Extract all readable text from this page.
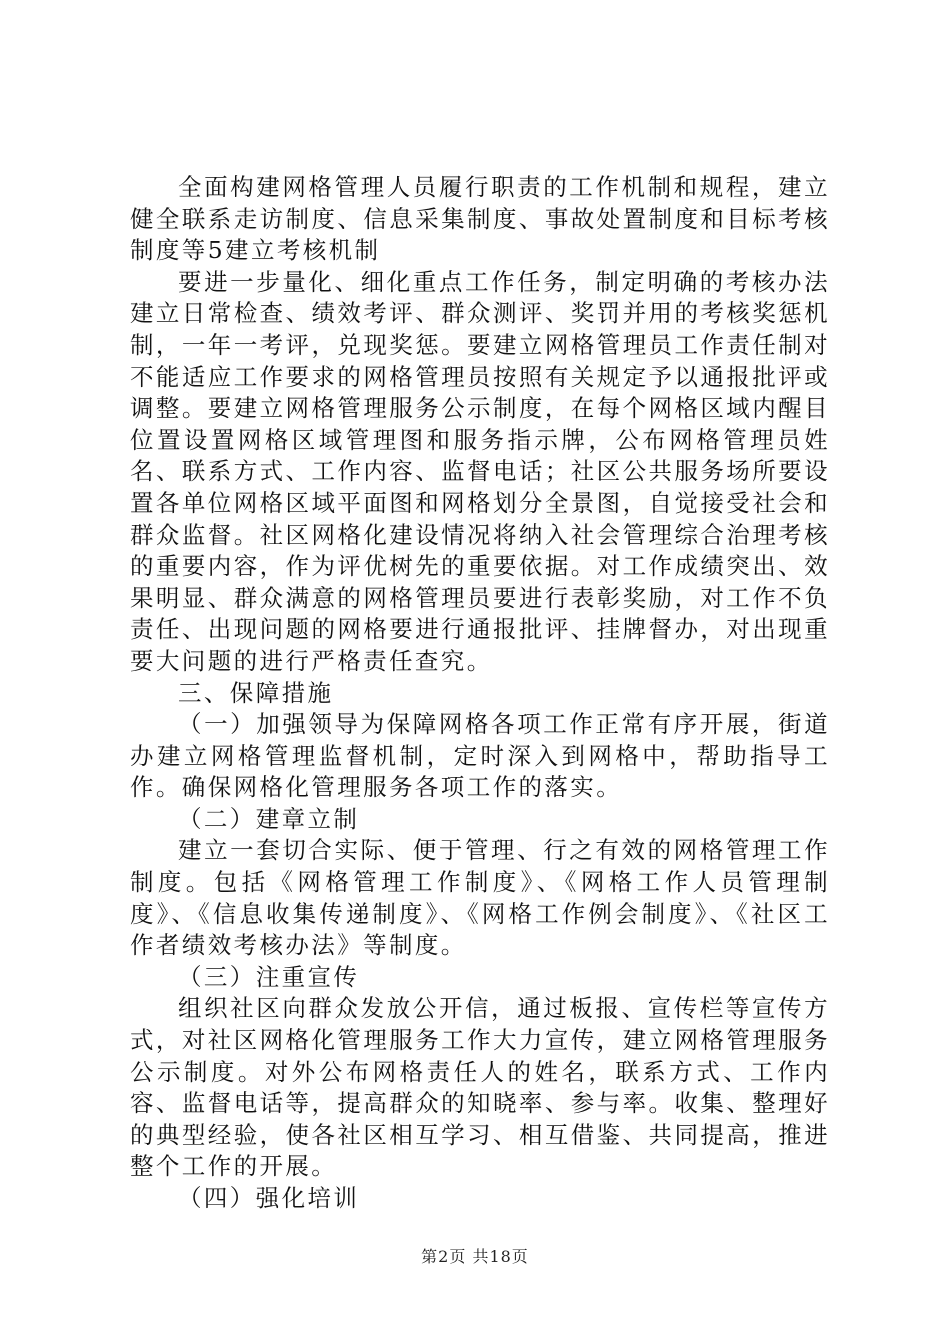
全面构建网格管理人员履行职责的工作机制和规程，建立健全联系走访制度、信息采集制度、事故处置制度和目标考核制度等5建立考核机制

要进一步量化、细化重点工作任务，制定明确的考核办法建立日常检查、绩效考评、群众测评、奖罚并用的考核奖惩机制，一年一考评，兑现奖惩。要建立网格管理员工作责任制对不能适应工作要求的网格管理员按照有关规定予以通报批评或调整。要建立网格管理服务公示制度，在每个网格区域内醒目位置设置网格区域管理图和服务指示牌，公布网格管理员姓名、联系方式、工作内容、监督电话；社区公共服务场所要设置各单位网格区域平面图和网格划分全景图，自觉接受社会和群众监督。社区网格化建设情况将纳入社会管理综合治理考核的重要内容，作为评优树先的重要依据。对工作成绩突出、效果明显、群众满意的网格管理员要进行表彰奖励，对工作不负责任、出现问题的网格要进行通报批评、挂牌督办，对出现重要大问题的进行严格责任查究。

三、保障措施

（一）加强领导为保障网格各项工作正常有序开展，街道办建立网格管理监督机制，定时深入到网格中，帮助指导工作。确保网格化管理服务各项工作的落实。

（二）建章立制

建立一套切合实际、便于管理、行之有效的网格管理工作制度。包括《网格管理工作制度》、《网格工作人员管理制度》、《信息收集传递制度》、《网格工作例会制度》、《社区工作者绩效考核办法》等制度。

（三）注重宣传

组织社区向群众发放公开信，通过板报、宣传栏等宣传方式，对社区网格化管理服务工作大力宣传，建立网格管理服务公示制度。对外公布网格责任人的姓名，联系方式、工作内容、监督电话等，提高群众的知晓率、参与率。收集、整理好的典型经验，使各社区相互学习、相互借鉴、共同提高，推进整个工作的开展。

（四）强化培训

第2页 共18页
